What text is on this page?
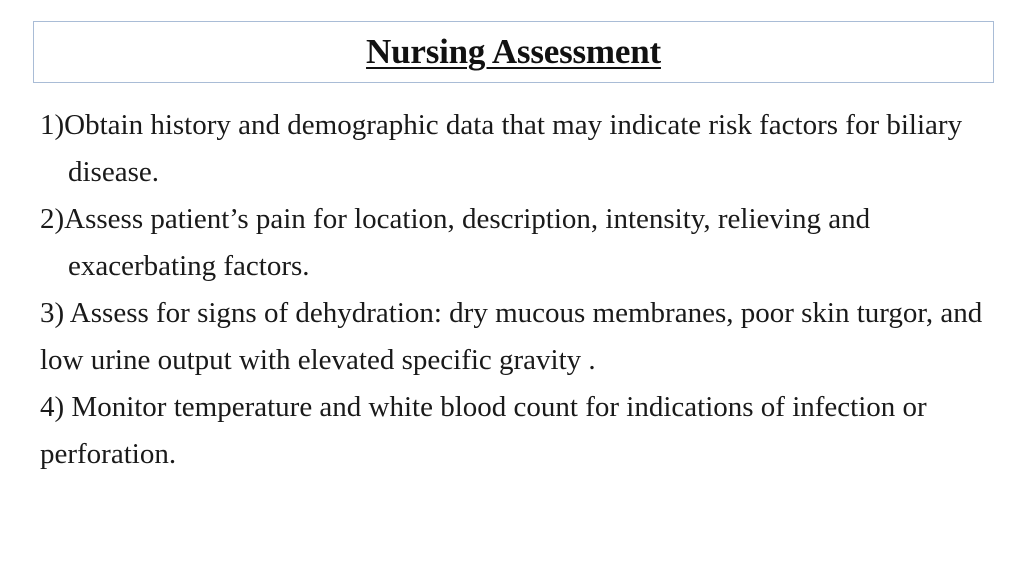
Nursing Assessment

1)Obtain history and demographic data that may indicate risk factors for biliary disease.

2)Assess patient’s pain for location, description, intensity, relieving and exacerbating factors.

3) Assess for signs of dehydration: dry mucous membranes, poor skin turgor, and low urine output with elevated specific gravity .

4) Monitor temperature and white blood count for indications of infection or perforation.
